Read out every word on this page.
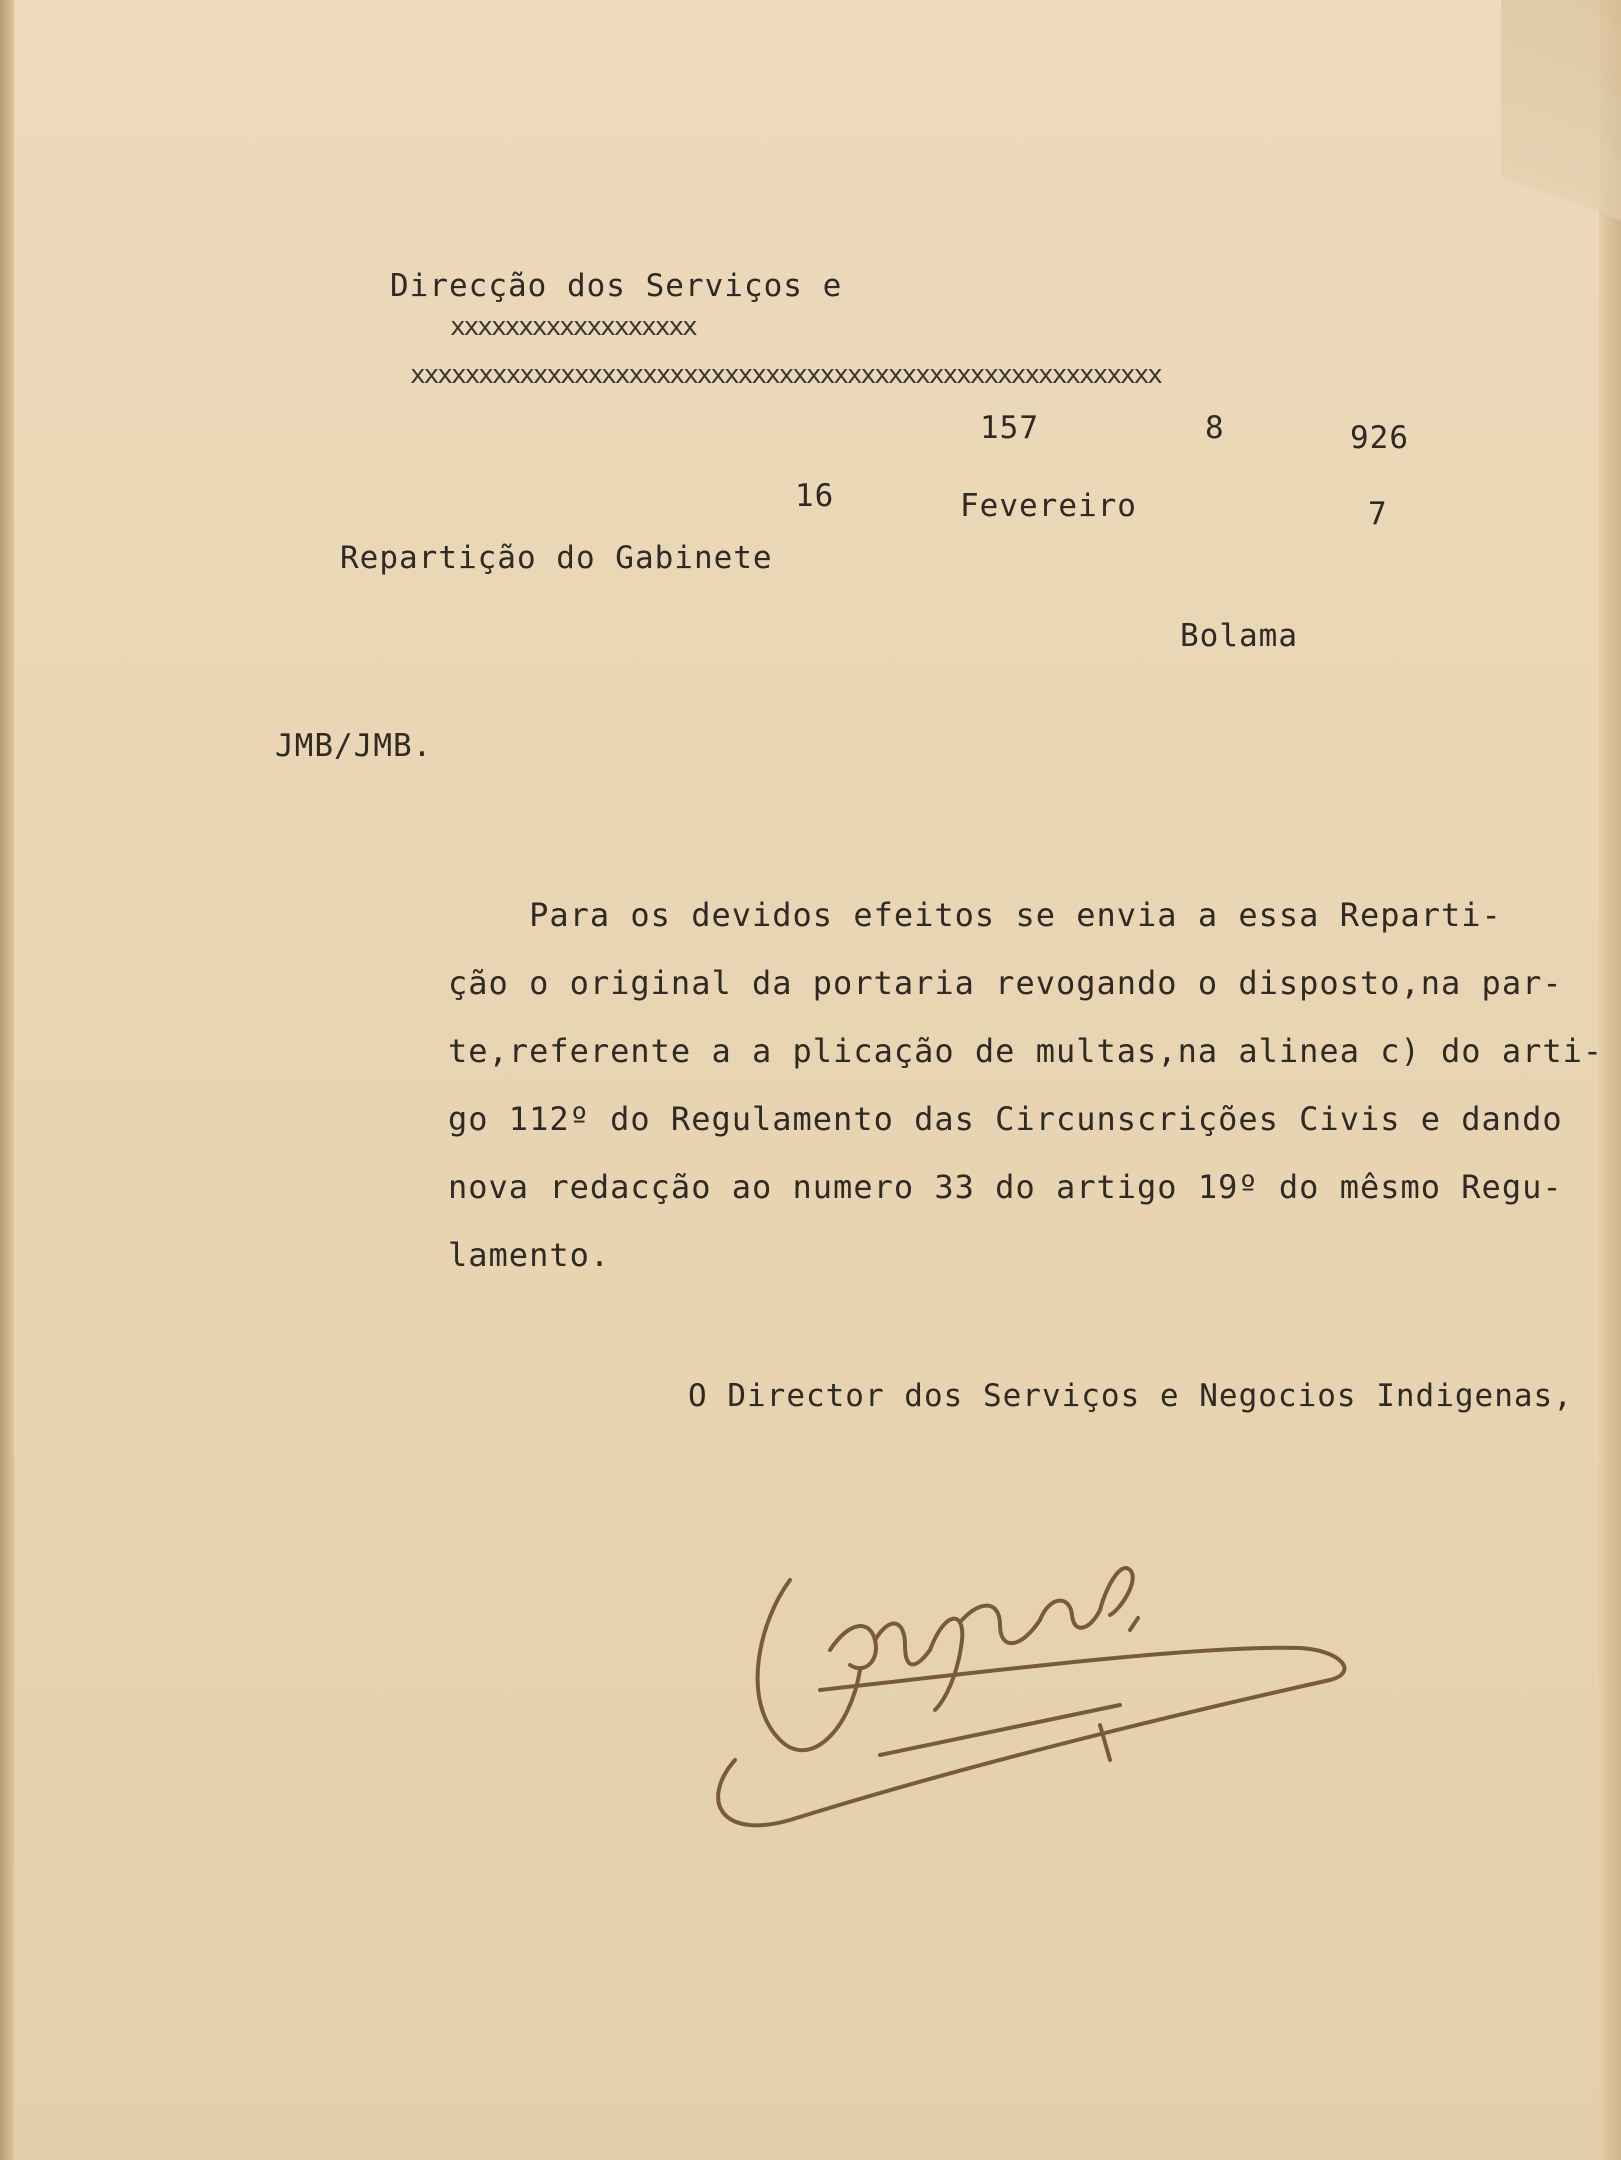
Direcção dos Serviços e
xxxxxxxxxxxxxxxxxx
xxxxxxxxxxxxxxxxxxxxxxxxxxxxxxxxxxxxxxxxxxxxxxxxxxxxxxx
157	8	926
16	Fevereiro	7
Repartição do Gabinete
Bolama
JMB/JMB.
Para os devidos efeitos se envia a essa Reparti-
ção o original da portaria revogando o disposto,na par-
te,referente a a plicação de multas,na alinea c) do arti-
go 112º do Regulamento das Circunscrições Civis e dando
nova redacção ao numero 33 do artigo 19º do mêsmo Regu-
lamento.
O Director dos Serviços e Negocios Indigenas,
